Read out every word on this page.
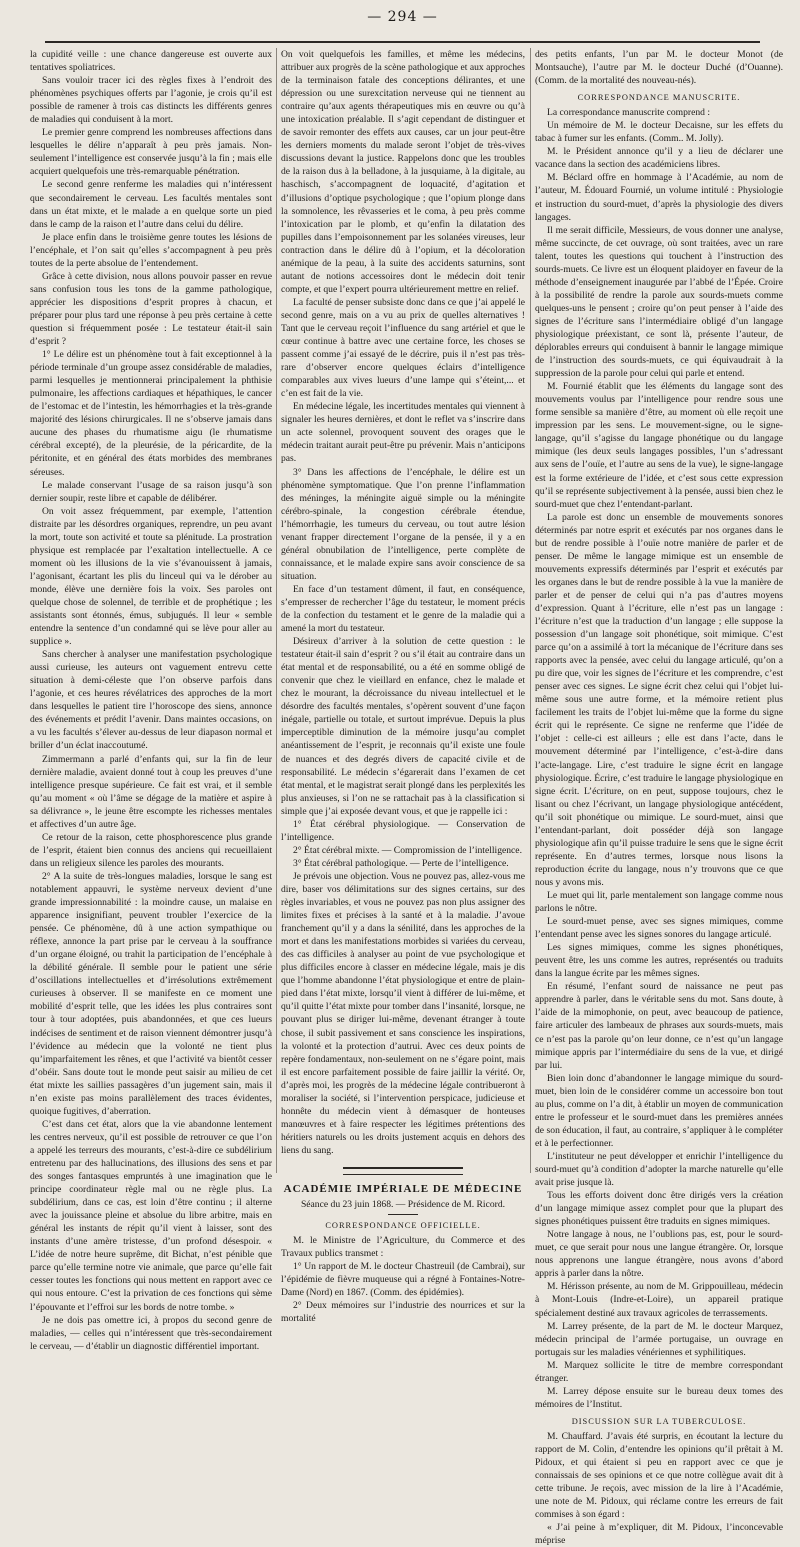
— 294 —

la cupidité veille : une chance dangereuse est ouverte aux tentatives spoliatrices.

Sans vouloir tracer ici des règles fixes à l’endroit des phénomènes psychiques offerts par l’agonie, je crois qu’il est possible de ramener à trois cas distincts les différents genres de maladies qui conduisent à la mort.

Le premier genre comprend les nombreuses affections dans lesquelles le délire n’apparaît à peu près jamais. Non-seulement l’intelligence est conservée jusqu’à la fin ; mais elle acquiert quelquefois une très-remarquable pénétration.

Le second genre renferme les maladies qui n’intéressent que secondairement le cerveau. Les facultés mentales sont dans un état mixte, et le malade a en quelque sorte un pied dans le camp de la raison et l’autre dans celui du délire.

Je place enfin dans le troisième genre toutes les lésions de l’encéphale, et l’on sait qu’elles s’accompagnent à peu près toutes de la perte absolue de l’entendement.

Grâce à cette division, nous allons pouvoir passer en revue sans confusion tous les tons de la gamme pathologique, apprécier les dispositions d’esprit propres à chacun, et préparer pour plus tard une réponse à peu près certaine à cette question si fréquemment posée : Le testateur était-il sain d’esprit ?

1° Le délire est un phénomène tout à fait exceptionnel à la période terminale d’un groupe assez considérable de maladies, parmi lesquelles je mentionnerai principalement la phthisie pulmonaire, les affections cardiaques et hépathiques, le cancer de l’estomac et de l’intestin, les hémorrhagies et la très-grande majorité des lésions chirurgicales. Il ne s’observe jamais dans aucune des phases du rhumatisme aigu (le rhumatisme cérébral excepté), de la pleurésie, de la péricardite, de la péritonite, et en général des états morbides des membranes séreuses.

Le malade conservant l’usage de sa raison jusqu’à son dernier soupir, reste libre et capable de délibérer.

On voit assez fréquemment, par exemple, l’attention distraite par les désordres organiques, reprendre, un peu avant la mort, toute son activité et toute sa plénitude. La prostration physique est remplacée par l’exaltation intellectuelle. A ce moment où les illusions de la vie s’évanouissent à jamais, l’agonisant, écartant les plis du linceul qui va le dérober au monde, élève une dernière fois la voix. Ses paroles ont quelque chose de solennel, de terrible et de prophétique ; les assistants sont étonnés, émus, subjugués. Il leur « semble entendre la sentence d’un condamné qui se lève pour aller au supplice ».

Sans chercher à analyser une manifestation psychologique aussi curieuse, les auteurs ont vaguement entrevu cette situation à demi-céleste que l’on observe parfois dans l’agonie, et ces heures révélatrices des approches de la mort dans lesquelles le patient tire l’horoscope des siens, annonce des événements et prédit l’avenir. Dans maintes occasions, on a vu les facultés s’élever au-dessus de leur diapason normal et briller d’un éclat inaccoutumé.

Zimmermann a parlé d’enfants qui, sur la fin de leur dernière maladie, avaient donné tout à coup les preuves d’une intelligence presque supérieure. Ce fait est vrai, et il semble qu’au moment « où l’âme se dégage de la matière et aspire à sa délivrance », le jeune être escompte les richesses mentales et affectives d’un autre âge.

Ce retour de la raison, cette phosphorescence plus grande de l’esprit, étaient bien connus des anciens qui recueillaient dans un religieux silence les paroles des mourants.

2° A la suite de très-longues maladies, lorsque le sang est notablement appauvri, le système nerveux devient d’une grande impressionnabilité : la moindre cause, un malaise en apparence insignifiant, peuvent troubler l’exercice de la pensée. Ce phénomène, dû à une action sympathique ou réflexe, annonce la part prise par le cerveau à la souffrance d’un organe éloigné, ou trahit la participation de l’encéphale à la débilité générale. Il semble pour le patient une série d’oscillations intellectuelles et d’irrésolutions extrêmement curieuses à observer. Il se manifeste en ce moment une mobilité d’esprit telle, que les idées les plus contraires sont tour à tour adoptées, puis abandonnées, et que ces lueurs indécises de sentiment et de raison viennent démontrer jusqu’à l’évidence au médecin que la volonté ne tient plus qu’imparfaitement les rênes, et que l’activité va bientôt cesser d’obéir. Sans doute tout le monde peut saisir au milieu de cet état mixte les saillies passagères d’un jugement sain, mais il n’en existe pas moins parallèlement des traces évidentes, quoique fugitives, d’aberration.

C’est dans cet état, alors que la vie abandonne lentement les centres nerveux, qu’il est possible de retrouver ce que l’on a appelé les terreurs des mourants, c’est-à-dire ce subdélirium entretenu par des hallucinations, des illusions des sens et par des songes fantasques empruntés à une imagination que le principe coordinateur règle mal ou ne règle plus. La subdélirium, dans ce cas, est loin d’être continu ; il alterne avec la jouissance pleine et absolue du libre arbitre, mais en général les instants de répit qu’il vient à laisser, sont des instants d’une amère tristesse, d’un profond désespoir. « L’idée de notre heure suprême, dit Bichat, n’est pénible que parce qu’elle termine notre vie animale, que parce qu’elle fait cesser toutes les fonctions qui nous mettent en rapport avec ce qui nous entoure. C’est la privation de ces fonctions qui sème l’épouvante et l’effroi sur les bords de notre tombe. »

Je ne dois pas omettre ici, à propos du second genre de maladies, — celles qui n’intéressent que très-secondairement le cerveau, — d’établir un diagnostic différentiel important.

On voit quelquefois les familles, et même les médecins, attribuer aux progrès de la scène pathologique et aux approches de la terminaison fatale des conceptions délirantes, et une dépression ou une surexcitation nerveuse qui ne tiennent au contraire qu’aux agents thérapeutiques mis en œuvre ou qu’à une intoxication préalable. Il s’agit cependant de distinguer et de savoir remonter des effets aux causes, car un jour peut-être les derniers moments du malade seront l’objet de très-vives discussions devant la justice. Rappelons donc que les troubles de la raison dus à la belladone, à la jusquiame, à la digitale, au haschisch, s’accompagnent de loquacité, d’agitation et d’illusions d’optique psychologique ; que l’opium plonge dans la somnolence, les rêvasseries et le coma, à peu près comme l’intoxication par le plomb, et qu’enfin la dilatation des pupilles dans l’empoisonnement par les solanées vireuses, leur contraction dans le délire dû à l’opium, et la décoloration anémique de la peau, à la suite des accidents saturnins, sont autant de notions accessoires dont le médecin doit tenir compte, et que l’expert pourra ultérieurement mettre en relief.

La faculté de penser subsiste donc dans ce que j’ai appelé le second genre, mais on a vu au prix de quelles alternatives ! Tant que le cerveau reçoit l’influence du sang artériel et que le cœur continue à battre avec une certaine force, les choses se passent comme j’ai essayé de le décrire, puis il n’est pas très-rare d’observer encore quelques éclairs d’intelligence comparables aux vives lueurs d’une lampe qui s’éteint,... et c’en est fait de la vie.

En médecine légale, les incertitudes mentales qui viennent à signaler les heures dernières, et dont le reflet va s’inscrire dans un acte solennel, provoquent souvent des orages que le médecin traitant aurait peut-être pu prévenir. Mais n’anticipons pas.

3° Dans les affections de l’encéphale, le délire est un phénomène symptomatique. Que l’on prenne l’inflammation des méninges, la méningite aiguë simple ou la méningite cérébro-spinale, la congestion cérébrale étendue, l’hémorrhagie, les tumeurs du cerveau, ou tout autre lésion venant frapper directement l’organe de la pensée, il y a en général obnubilation de l’intelligence, perte complète de connaissance, et le malade expire sans avoir conscience de sa situation.

En face d’un testament dûment, il faut, en conséquence, s’empresser de rechercher l’âge du testateur, le moment précis de la confection du testament et le genre de la maladie qui a amené la mort du testateur.

Désireux d’arriver à la solution de cette question : le testateur était-il sain d’esprit ? ou s’il était au contraire dans un état mental et de responsabilité, ou a été en somme obligé de convenir que chez le vieillard en enfance, chez le malade et chez le mourant, la décroissance du niveau intellectuel et le désordre des facultés mentales, s’opèrent souvent d’une façon inégale, partielle ou totale, et surtout imprévue. Depuis la plus imperceptible diminution de la mémoire jusqu’au complet anéantissement de l’esprit, je reconnais qu’il existe une foule de nuances et des degrés divers de capacité civile et de responsabilité. Le médecin s’égarerait dans l’examen de cet état mental, et le magistrat serait plongé dans les perplexités les plus anxieuses, si l’on ne se rattachait pas à la classification si simple que j’ai exposée devant vous, et que je rappelle ici :

1° État cérébral physiologique. — Conservation de l’intelligence.

2° État cérébral mixte. — Compromission de l’intelligence.

3° État cérébral pathologique. — Perte de l’intelligence.

Je prévois une objection. Vous ne pouvez pas, allez-vous me dire, baser vos délimitations sur des signes certains, sur des règles invariables, et vous ne pouvez pas non plus assigner des limites fixes et précises à la santé et à la maladie. J’avoue franchement qu’il y a dans la sénilité, dans les approches de la mort et dans les manifestations morbides si variées du cerveau, des cas difficiles à analyser au point de vue psychologique et plus difficiles encore à classer en médecine légale, mais je dis que l’homme abandonne l’état physiologique et entre de plain-pied dans l’état mixte, lorsqu’il vient à différer de lui-même, et qu’il quitte l’état mixte pour tomber dans l’insanité, lorsque, ne pouvant plus se diriger lui-même, devenant étranger à toute chose, il subit passivement et sans conscience les inspirations, la volonté et la protection d’autrui. Avec ces deux points de repère fondamentaux, non-seulement on ne s’égare point, mais il est encore parfaitement possible de faire jaillir la vérité. Or, d’après moi, les progrès de la médecine légale contribueront à moraliser la société, si l’intervention perspicace, judicieuse et honnête du médecin vient à démasquer de honteuses manœuvres et à faire respecter les légitimes prétentions des héritiers naturels ou les droits justement acquis en dehors des liens du sang.

ACADÉMIE IMPÉRIALE DE MÉDECINE
Séance du 23 juin 1868. — Présidence de M. Ricord.
CORRESPONDANCE OFFICIELLE.

M. le Ministre de l’Agriculture, du Commerce et des Travaux publics transmet :

1° Un rapport de M. le docteur Chastreuil (de Cambrai), sur l’épidémie de fièvre muqueuse qui a régné à Fontaines-Notre-Dame (Nord) en 1867. (Comm. des épidémies).

2° Deux mémoires sur l’industrie des nourrices et sur la mortalité

des petits enfants, l’un par M. le docteur Monot (de Montsauche), l’autre par M. le docteur Duché (d’Ouanne). (Comm. de la mortalité des nouveau-nés).

CORRESPONDANCE MANUSCRITE.

La correspondance manuscrite comprend :

Un mémoire de M. le docteur Decaisne, sur les effets du tabac à fumer sur les enfants. (Comm.. M. Jolly).

M. le Président annonce qu’il y a lieu de déclarer une vacance dans la section des académiciens libres.

M. Béclard offre en hommage à l’Académie, au nom de l’auteur, M. Édouard Fournié, un volume intitulé : Physiologie et instruction du sourd-muet, d’après la physiologie des divers langages.

Il me serait difficile, Messieurs, de vous donner une analyse, même succincte, de cet ouvrage, où sont traitées, avec un rare talent, toutes les questions qui touchent à l’instruction des sourds-muets. Ce livre est un éloquent plaidoyer en faveur de la méthode d’enseignement inaugurée par l’abbé de l’Épée. Croire à la possibilité de rendre la parole aux sourds-muets comme quelques-uns le pensent ; croire qu’on peut penser à l’aide des signes de l’écriture sans l’intermédiaire obligé d’un langage physiologique préexistant, ce sont là, présente l’auteur, de déplorables erreurs qui conduisent à bannir le langage mimique de l’instruction des sourds-muets, ce qui équivaudrait à la suppression de la parole pour celui qui parle et entend.

M. Fournié établit que les éléments du langage sont des mouvements voulus par l’intelligence pour rendre sous une forme sensible sa manière d’être, au moment où elle reçoit une impression par les sens. Le mouvement-signe, ou le signe-langage, qu’il s’agisse du langage phonétique ou du langage mimique (les deux seuls langages possibles, l’un s’adressant aux sens de l’ouïe, et l’autre au sens de la vue), le signe-langage est la forme extérieure de l’idée, et c’est sous cette expression qu’il se représente subjectivement à la pensée, aussi bien chez le sourd-muet que chez l’entendant-parlant.

La parole est donc un ensemble de mouvements sonores déterminés par notre esprit et exécutés par nos organes dans le but de rendre possible à l’ouïe notre manière de parler et de penser. De même le langage mimique est un ensemble de mouvements expressifs déterminés par l’esprit et exécutés par les organes dans le but de rendre possible à la vue la manière de parler et de penser de celui qui n’a pas d’autres moyens d’expression. Quant à l’écriture, elle n’est pas un langage : l’écriture n’est que la traduction d’un langage ; elle suppose la possession d’un langage soit phonétique, soit mimique. C’est parce qu’on a assimilé à tort la mécanique de l’écriture dans ses rapports avec la pensée, avec celui du langage articulé, qu’on a pu dire que, voir les signes de l’écriture et les comprendre, c’est penser avec ces signes. Le signe écrit chez celui qui l’objet lui-même sous une autre forme, et la mémoire retient plus facilement les traits de l’objet lui-même que la forme du signe écrit qui le représente. Ce signe ne renferme que l’idée de l’objet : celle-ci est ailleurs ; elle est dans l’acte, dans le mouvement déterminé par l’intelligence, c’est-à-dire dans l’acte-langage. Lire, c’est traduire le signe écrit en langage physiologique. Écrire, c’est traduire le langage physiologique en signe écrit. L’écriture, on en peut, suppose toujours, chez le lisant ou chez l’écrivant, un langage physiologique antécédent, qu’il soit phonétique ou mimique. Le sourd-muet, ainsi que l’entendant-parlant, doit posséder déjà son langage physiologique afin qu’il puisse traduire le sens que le signe écrit représente. En d’autres termes, lorsque nous lisons la reproduction écrite du langage, nous n’y trouvons que ce que nous y avons mis.

Le muet qui lit, parle mentalement son langage comme nous parlons le nôtre.

Le sourd-muet pense, avec ses signes mimiques, comme l’entendant pense avec les signes sonores du langage articulé.

Les signes mimiques, comme les signes phonétiques, peuvent être, les uns comme les autres, représentés ou traduits dans la langue écrite par les mêmes signes.

En résumé, l’enfant sourd de naissance ne peut pas apprendre à parler, dans le véritable sens du mot. Sans doute, à l’aide de la mimophonie, on peut, avec beaucoup de patience, faire articuler des lambeaux de phrases aux sourds-muets, mais ce n’est pas la parole qu’on leur donne, ce n’est qu’un langage mimique appris par l’intermédiaire du sens de la vue, et dirigé par lui.

Bien loin donc d’abandonner le langage mimique du sourd-muet, bien loin de le considérer comme un accessoire bon tout au plus, comme on l’a dit, à établir un moyen de communication entre le professeur et le sourd-muet dans les premières années de son éducation, il faut, au contraire, s’appliquer à le compléter et à le perfectionner.

L’instituteur ne peut développer et enrichir l’intelligence du sourd-muet qu’à condition d’adopter la marche naturelle qu’elle avait prise jusque là.

Tous les efforts doivent donc être dirigés vers la création d’un langage mimique assez complet pour que la plupart des signes phonétiques puissent être traduits en signes mimiques.

Notre langage à nous, ne l’oublions pas, est, pour le sourd-muet, ce que serait pour nous une langue étrangère. Or, lorsque nous apprenons une langue étrangère, nous avons d’abord appris à parler dans la nôtre.

M. Hérisson présente, au nom de M. Grippouilleau, médecin à Mont-Louis (Indre-et-Loire), un appareil pratique spécialement destiné aux travaux agricoles de terrassements.

M. Larrey présente, de la part de M. le docteur Marquez, médecin principal de l’armée portugaise, un ouvrage en portugais sur les maladies vénériennes et syphilitiques.

M. Marquez sollicite le titre de membre correspondant étranger.

M. Larrey dépose ensuite sur le bureau deux tomes des mémoires de l’Institut.

DISCUSSION SUR LA TUBERCULOSE.

M. Chauffard. J’avais été surpris, en écoutant la lecture du rapport de M. Colin, d’entendre les opinions qu’il prêtait à M. Pidoux, et qui étaient si peu en rapport avec ce que je connaissais de ses opinions et ce que notre collègue avait dit à cette tribune. Je reçois, avec mission de la lire à l’Académie, une note de M. Pidoux, qui réclame contre les erreurs de fait commises à son égard :

« J’ai peine à m’expliquer, dit M. Pidoux, l’inconcevable méprise
